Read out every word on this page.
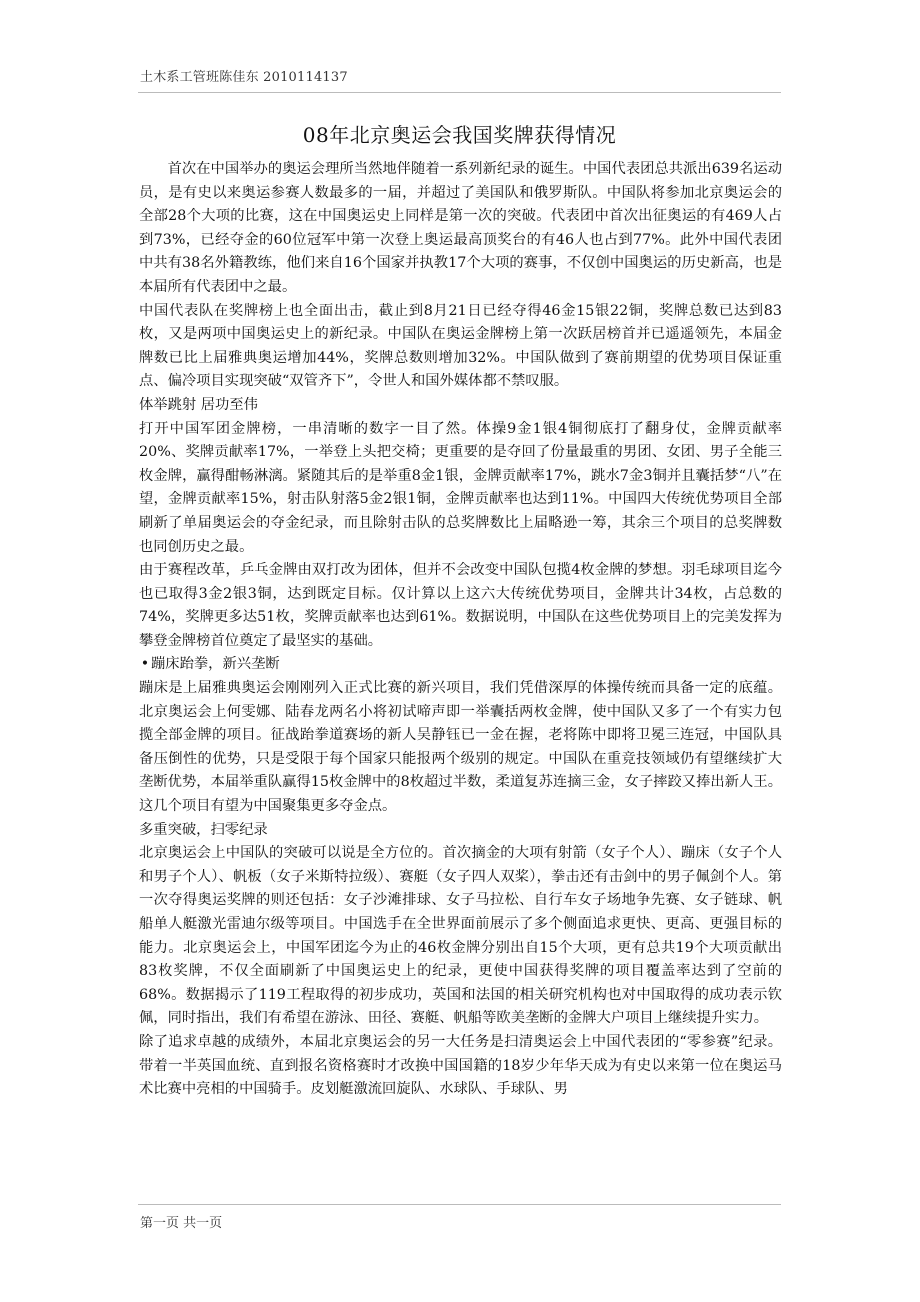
土木系工管班陈佳东 2010114137
08年北京奥运会我国奖牌获得情况

首次在中国举办的奥运会理所当然地伴随着一系列新纪录的诞生。中国代表团总共派出639名运动员，是有史以来奥运参赛人数最多的一届，并超过了美国队和俄罗斯队。中国队将参加北京奥运会的全部28个大项的比赛，这在中国奥运史上同样是第一次的突破。代表团中首次出征奥运的有469人占到73%，已经夺金的60位冠军中第一次登上奥运最高顶奖台的有46人也占到77%。此外中国代表团中共有38名外籍教练，他们来自16个国家并执教17个大项的赛事，不仅创中国奥运的历史新高，也是本届所有代表团中之最。

中国代表队在奖牌榜上也全面出击，截止到8月21日已经夺得46金15银22铜，奖牌总数已达到83枚，又是两项中国奥运史上的新纪录。中国队在奥运金牌榜上第一次跃居榜首并已遥遥领先，本届金牌数已比上届雅典奥运增加44%，奖牌总数则增加32%。中国队做到了赛前期望的优势项目保证重点、偏冷项目实现突破“双管齐下”，令世人和国外媒体都不禁叹服。

体举跳射 居功至伟

打开中国军团金牌榜，一串清晰的数字一目了然。体操9金1银4铜彻底打了翻身仗，金牌贡献率20%、奖牌贡献率17%，一举登上头把交椅；更重要的是夺回了份量最重的男团、女团、男子全能三枚金牌，赢得酣畅淋漓。紧随其后的是举重8金1银，金牌贡献率17%，跳水7金3铜并且囊括梦“八”在望，金牌贡献率15%，射击队射落5金2银1铜，金牌贡献率也达到11%。中国四大传统优势项目全部刷新了单届奥运会的夺金纪录，而且除射击队的总奖牌数比上届略逊一筹，其余三个项目的总奖牌数也同创历史之最。

由于赛程改革，乒乓金牌由双打改为团体，但并不会改变中国队包揽4枚金牌的梦想。羽毛球项目迄今也已取得3金2银3铜，达到既定目标。仅计算以上这六大传统优势项目，金牌共计34枚，占总数的74%，奖牌更多达51枚，奖牌贡献率也达到61%。数据说明，中国队在这些优势项目上的完美发挥为攀登金牌榜首位奠定了最坚实的基础。

• 蹦床跆拳，新兴垄断

蹦床是上届雅典奥运会刚刚列入正式比赛的新兴项目，我们凭借深厚的体操传统而具备一定的底蕴。北京奥运会上何雯娜、陆春龙两名小将初试啼声即一举囊括两枚金牌，使中国队又多了一个有实力包揽全部金牌的项目。征战跆拳道赛场的新人吴静钰已一金在握，老将陈中即将卫冕三连冠，中国队具备压倒性的优势，只是受限于每个国家只能报两个级别的规定。中国队在重竞技领域仍有望继续扩大垄断优势，本届举重队赢得15枚金牌中的8枚超过半数，柔道复苏连摘三金，女子摔跤又捧出新人王。这几个项目有望为中国聚集更多夺金点。

多重突破，扫零纪录

北京奥运会上中国队的突破可以说是全方位的。首次摘金的大项有射箭（女子个人）、蹦床（女子个人和男子个人）、帆板（女子米斯特拉级）、赛艇（女子四人双桨），拳击还有击剑中的男子佩剑个人。第一次夺得奥运奖牌的则还包括：女子沙滩排球、女子马拉松、自行车女子场地争先赛、女子链球、帆船单人艇激光雷迪尔级等项目。中国选手在全世界面前展示了多个侧面追求更快、更高、更强目标的能力。北京奥运会上，中国军团迄今为止的46枚金牌分别出自15个大项，更有总共19个大项贡献出83枚奖牌，不仅全面刷新了中国奥运史上的纪录，更使中国获得奖牌的项目覆盖率达到了空前的68%。数据揭示了119工程取得的初步成功，英国和法国的相关研究机构也对中国取得的成功表示钦佩，同时指出，我们有希望在游泳、田径、赛艇、帆船等欧美垄断的金牌大户项目上继续提升实力。

除了追求卓越的成绩外，本届北京奥运会的另一大任务是扫清奥运会上中国代表团的“零参赛”纪录。带着一半英国血统、直到报名资格赛时才改换中国国籍的18岁少年华天成为有史以来第一位在奥运马术比赛中亮相的中国骑手。皮划艇激流回旋队、水球队、手球队、男

第一页 共一页
